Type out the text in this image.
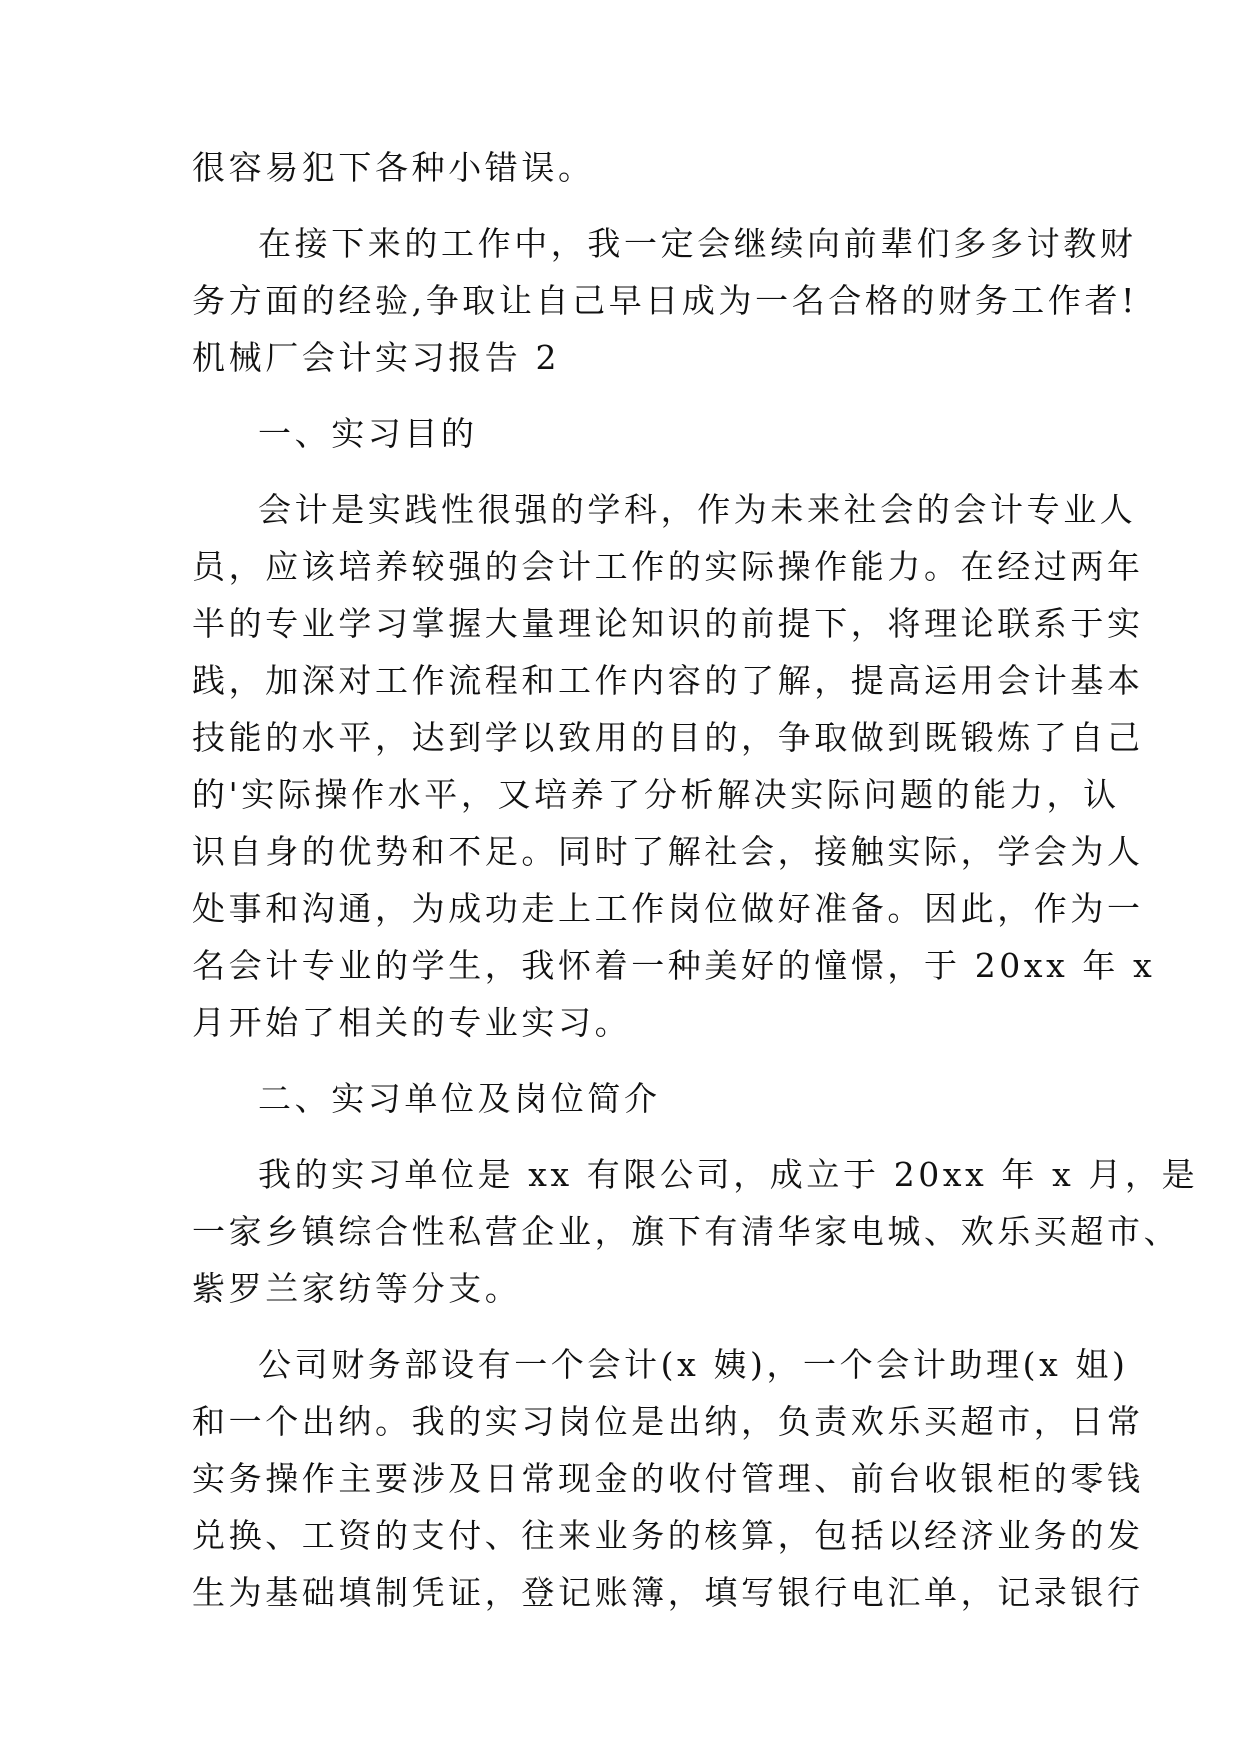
很容易犯下各种小错误。
在接下来的工作中，我一定会继续向前辈们多多讨教财
务方面的经验,争取让自己早日成为一名合格的财务工作者!
机械厂会计实习报告 2
一、实习目的
会计是实践性很强的学科，作为未来社会的会计专业人
员，应该培养较强的会计工作的实际操作能力。在经过两年
半的专业学习掌握大量理论知识的前提下，将理论联系于实
践，加深对工作流程和工作内容的了解，提高运用会计基本
技能的水平，达到学以致用的目的，争取做到既锻炼了自己
的'实际操作水平，又培养了分析解决实际问题的能力，认
识自身的优势和不足。同时了解社会，接触实际，学会为人
处事和沟通，为成功走上工作岗位做好准备。因此，作为一
名会计专业的学生，我怀着一种美好的憧憬，于 20xx 年 x
月开始了相关的专业实习。
二、实习单位及岗位简介
我的实习单位是 xx 有限公司，成立于 20xx 年 x 月，是
一家乡镇综合性私营企业，旗下有清华家电城、欢乐买超市、
紫罗兰家纺等分支。
公司财务部设有一个会计(x 姨)，一个会计助理(x 姐)
和一个出纳。我的实习岗位是出纳，负责欢乐买超市，日常
实务操作主要涉及日常现金的收付管理、前台收银柜的零钱
兑换、工资的支付、往来业务的核算，包括以经济业务的发
生为基础填制凭证，登记账簿，填写银行电汇单，记录银行
